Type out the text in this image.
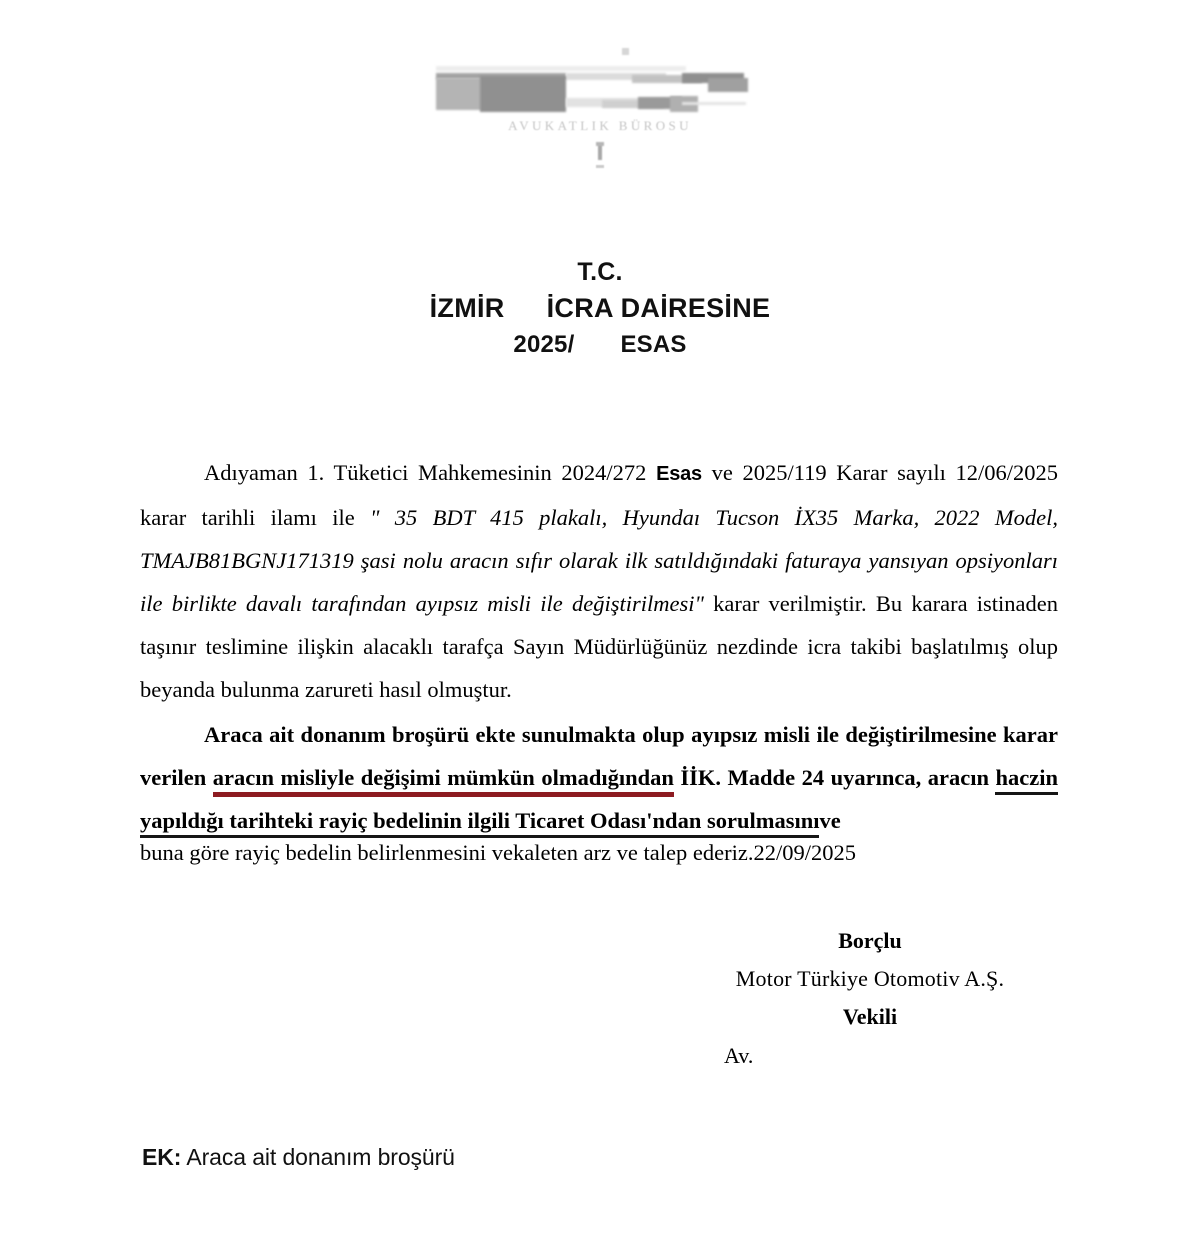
AVUKATLIK BÜROSU
T.C.
İZMİR İCRA DAİRESİNE
2025/ ESAS

Adıyaman 1. Tüketici Mahkemesinin 2024/272 Esas ve 2025/119 Karar sayılı 12/06/2025 karar tarihli ilamı ile " 35 BDT 415 plakalı, Hyundaı Tucson İX35 Marka, 2022 Model, TMAJB81BGNJ171319 şasi nolu aracın sıfır olarak ilk satıldığındaki faturaya yansıyan opsiyonları ile birlikte davalı tarafından ayıpsız misli ile değiştirilmesi" karar verilmiştir. Bu karara istinaden taşınır teslimine ilişkin alacaklı tarafça Sayın Müdürlüğünüz nezdinde icra takibi başlatılmış olup beyanda bulunma zarureti hasıl olmuştur.

Araca ait donanım broşürü ekte sunulmakta olup ayıpsız misli ile değiştirilmesine karar verilen aracın misliyle değişimi mümkün olmadığından İİK. Madde 24 uyarınca, aracın haczin yapıldığı tarihteki rayiç bedelinin ilgili Ticaret Odası'ndan sorulmasınıve

buna göre rayiç bedelin belirlenmesini vekaleten arz ve talep ederiz.22/09/2025

Borçlu
Motor Türkiye Otomotiv A.Ş.
Vekili
Av.
EK: Araca ait donanım broşürü
